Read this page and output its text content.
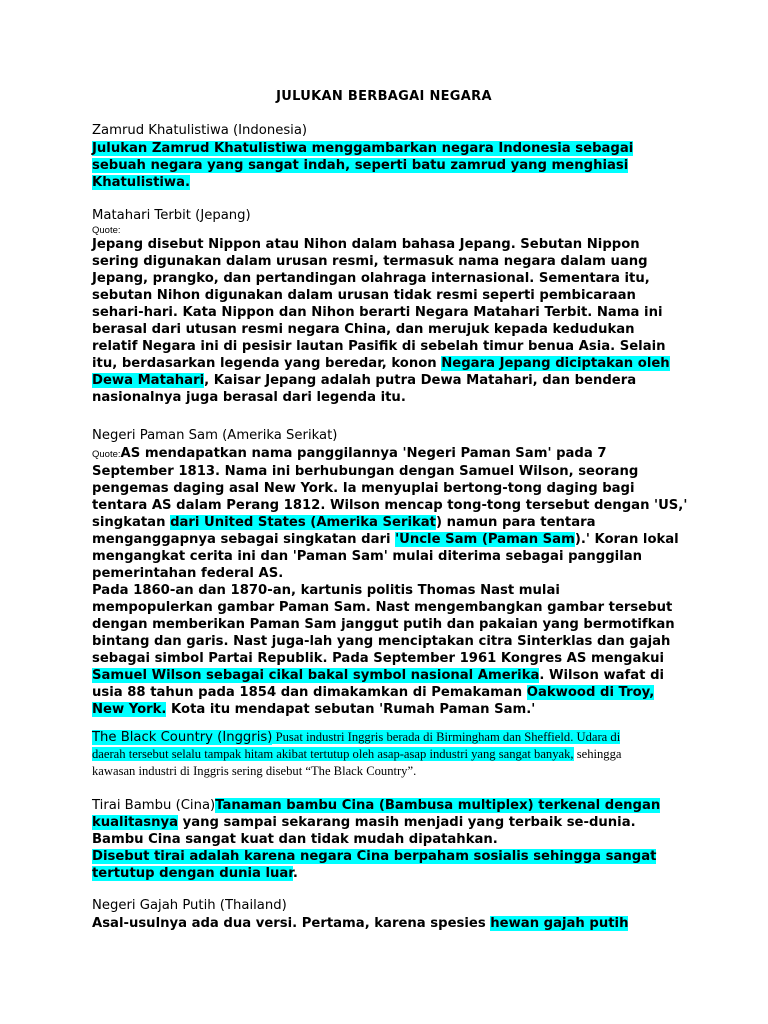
JULUKAN BERBAGAI NEGARA
Zamrud Khatulistiwa (Indonesia)
Julukan Zamrud Khatulistiwa menggambarkan negara Indonesia sebagai
sebuah negara yang sangat indah, seperti batu zamrud yang menghiasi
Khatulistiwa.
Matahari Terbit (Jepang)
Quote:
Jepang disebut Nippon atau Nihon dalam bahasa Jepang. Sebutan Nippon
sering digunakan dalam urusan resmi, termasuk nama negara dalam uang
Jepang, prangko, dan pertandingan olahraga internasional. Sementara itu,
sebutan Nihon digunakan dalam urusan tidak resmi seperti pembicaraan
sehari-hari. Kata Nippon dan Nihon berarti Negara Matahari Terbit. Nama ini
berasal dari utusan resmi negara China, dan merujuk kepada kedudukan
relatif Negara ini di pesisir lautan Pasifik di sebelah timur benua Asia. Selain
itu, berdasarkan legenda yang beredar, konon Negara Jepang diciptakan oleh
Dewa Matahari, Kaisar Jepang adalah putra Dewa Matahari, dan bendera
nasionalnya juga berasal dari legenda itu.
Negeri Paman Sam (Amerika Serikat)
Quote:AS mendapatkan nama panggilannya 'Negeri Paman Sam' pada 7
September 1813. Nama ini berhubungan dengan Samuel Wilson, seorang
pengemas daging asal New York. Ia menyuplai bertong-tong daging bagi
tentara AS dalam Perang 1812. Wilson mencap tong-tong tersebut dengan 'US,'
singkatan dari United States (Amerika Serikat) namun para tentara
menganggapnya sebagai singkatan dari 'Uncle Sam (Paman Sam).' Koran lokal
mengangkat cerita ini dan 'Paman Sam' mulai diterima sebagai panggilan
pemerintahan federal AS.
Pada 1860-an dan 1870-an, kartunis politis Thomas Nast mulai
mempopulerkan gambar Paman Sam. Nast mengembangkan gambar tersebut
dengan memberikan Paman Sam janggut putih dan pakaian yang bermotifkan
bintang dan garis. Nast juga-lah yang menciptakan citra Sinterklas dan gajah
sebagai simbol Partai Republik. Pada September 1961 Kongres AS mengakui
Samuel Wilson sebagai cikal bakal symbol nasional Amerika. Wilson wafat di
usia 88 tahun pada 1854 dan dimakamkan di Pemakaman Oakwood di Troy,
New York. Kota itu mendapat sebutan 'Rumah Paman Sam.'
The Black Country (Inggris) Pusat industri Inggris berada di Birmingham dan Sheffield. Udara di
daerah tersebut selalu tampak hitam akibat tertutup oleh asap-asap industri yang sangat banyak, sehingga
kawasan industri di Inggris sering disebut “The Black Country”.
Tirai Bambu (Cina)Tanaman bambu Cina (Bambusa multiplex) terkenal dengan
kualitasnya yang sampai sekarang masih menjadi yang terbaik se-dunia.
Bambu Cina sangat kuat dan tidak mudah dipatahkan.
Disebut tirai adalah karena negara Cina berpaham sosialis sehingga sangat
tertutup dengan dunia luar.
Negeri Gajah Putih (Thailand)
Asal-usulnya ada dua versi. Pertama, karena spesies hewan gajah putih
